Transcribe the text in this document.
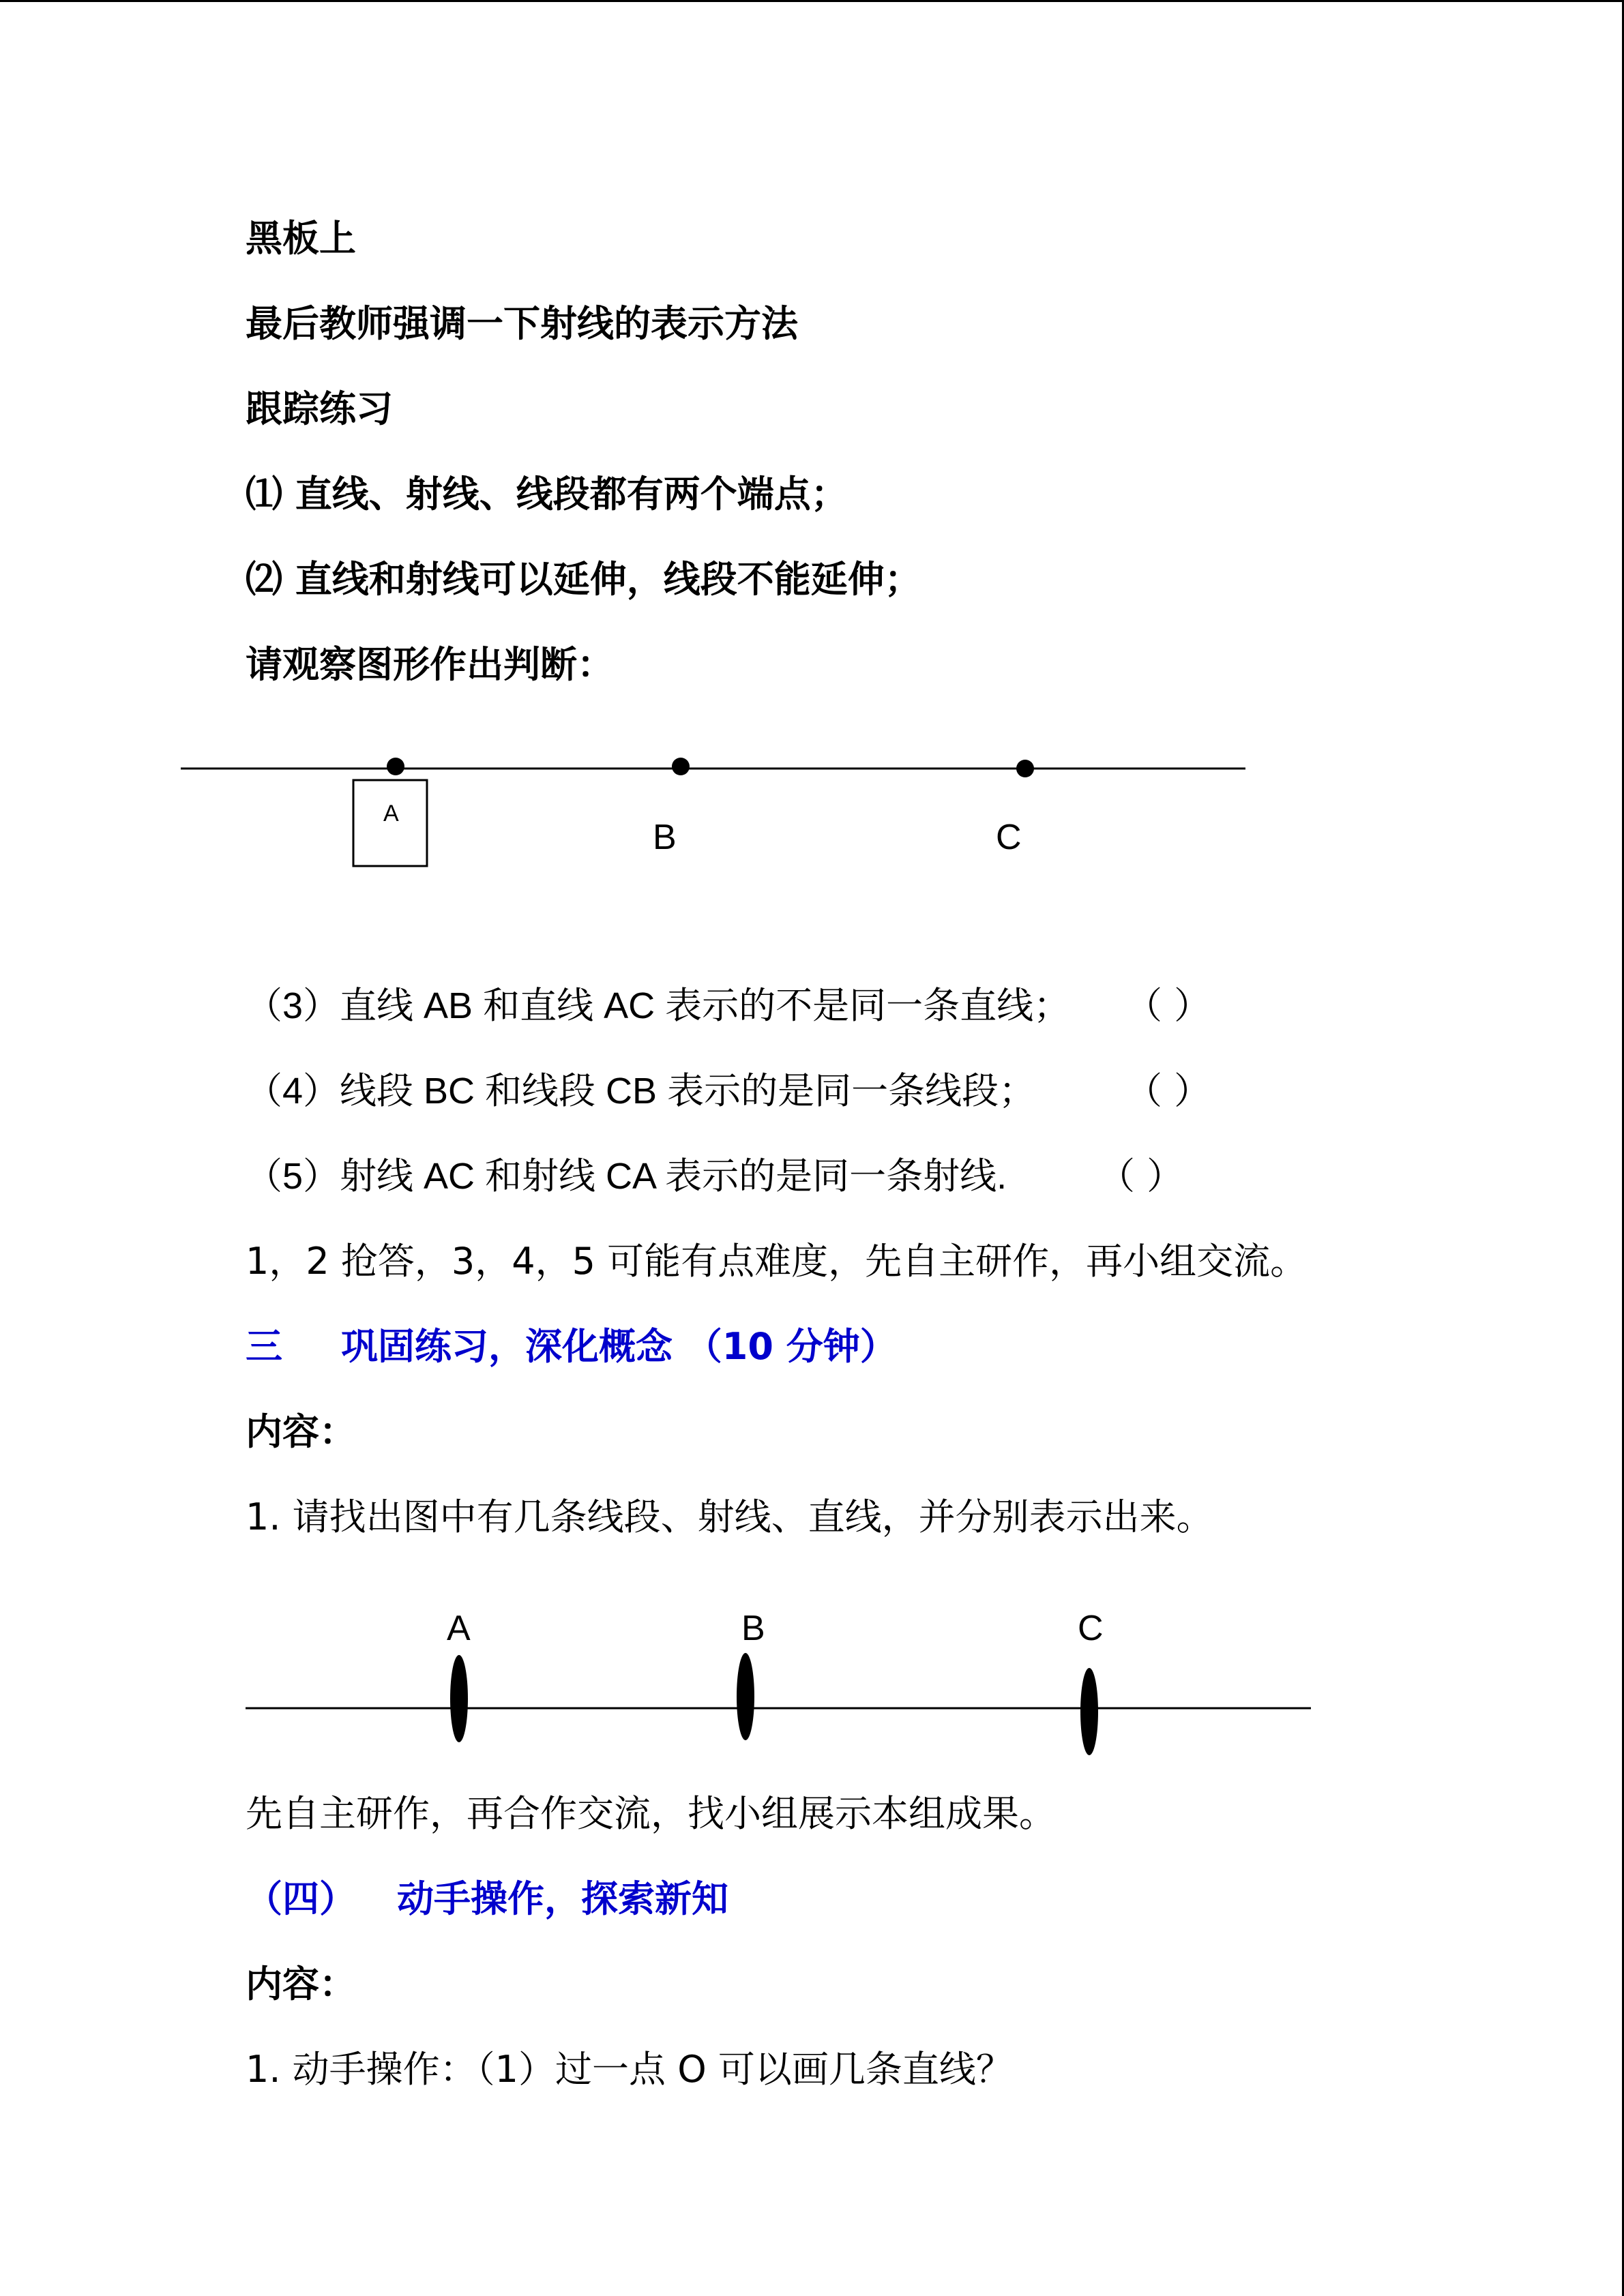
黑板上
最后教师强调一下射线的表示方法
跟踪练习
⑴ 直线、射线、线段都有两个端点；
⑵ 直线和射线可以延伸，线段不能延伸；
请观察图形作出判断：
A
B	C
（3）直线 AB 和直线 AC 表示的不是同一条直线； （ ）
（4）线段 BC 和线段 CB 表示的是同一条线段； （ ）
（5）射线 AC 和射线 CA 表示的是同一条射线. （ ）
1，2 抢答，3，4，5 可能有点难度，先自主研作，再小组交流。
三 巩固练习，深化概念 （10 分钟）
内容：
1. 请找出图中有几条线段、射线、直线，并分别表示出来。
A	B	C
先自主研作，再合作交流，找小组展示本组成果。
（四） 动手操作，探索新知
内容：
1. 动手操作：（1）过一点 O 可以画几条直线？
